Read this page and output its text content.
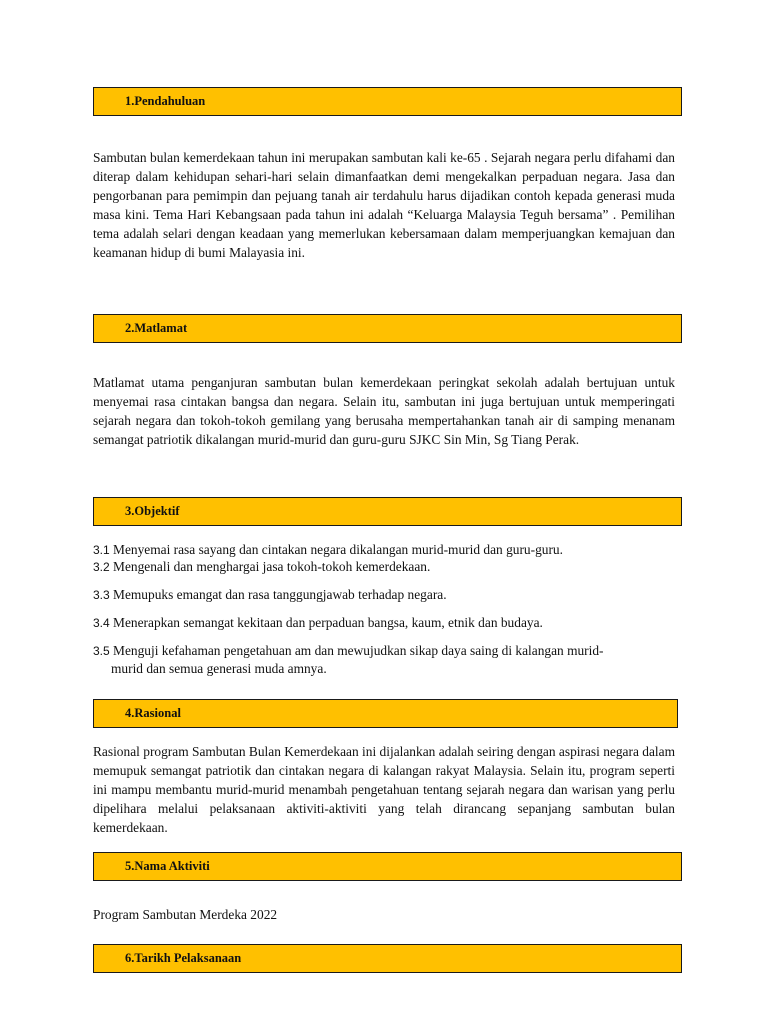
1.Pendahuluan
Sambutan bulan kemerdekaan tahun ini merupakan sambutan kali ke-65 . Sejarah negara perlu difahami dan diterap dalam kehidupan sehari-hari selain dimanfaatkan demi mengekalkan perpaduan negara. Jasa dan pengorbanan para pemimpin dan pejuang tanah air terdahulu harus dijadikan contoh kepada generasi muda masa kini. Tema Hari Kebangsaan pada tahun ini adalah “Keluarga Malaysia Teguh bersama” . Pemilihan tema adalah selari dengan keadaan yang memerlukan kebersamaan dalam memperjuangkan kemajuan dan keamanan hidup di bumi Malayasia ini.
2.Matlamat
Matlamat utama penganjuran sambutan bulan kemerdekaan peringkat sekolah adalah bertujuan untuk menyemai rasa cintakan bangsa dan negara. Selain itu, sambutan ini juga bertujuan untuk memperingati sejarah negara dan tokoh-tokoh gemilang yang berusaha mempertahankan tanah air di samping menanam semangat patriotik dikalangan murid-murid dan guru-guru SJKC Sin Min, Sg Tiang Perak.
3.Objektif
3.1 Menyemai rasa sayang dan cintakan negara dikalangan murid-murid dan guru-guru.
3.2 Mengenali dan menghargai jasa tokoh-tokoh kemerdekaan.
3.3 Memupuks emangat dan rasa tanggungjawab terhadap negara.
3.4 Menerapkan semangat kekitaan dan perpaduan bangsa, kaum, etnik dan budaya.
3.5 Menguji kefahaman pengetahuan am dan mewujudkan sikap daya saing di kalangan murid-
murid dan semua generasi muda amnya.
4.Rasional
Rasional program Sambutan Bulan Kemerdekaan ini dijalankan adalah seiring dengan aspirasi negara dalam memupuk semangat patriotik dan cintakan negara di kalangan rakyat Malaysia. Selain itu, program seperti ini mampu membantu murid-murid menambah pengetahuan tentang sejarah negara dan warisan yang perlu dipelihara melalui pelaksanaan aktiviti-aktiviti yang telah dirancang sepanjang sambutan bulan kemerdekaan.
5.Nama Aktiviti
Program Sambutan Merdeka 2022
6.Tarikh Pelaksanaan
